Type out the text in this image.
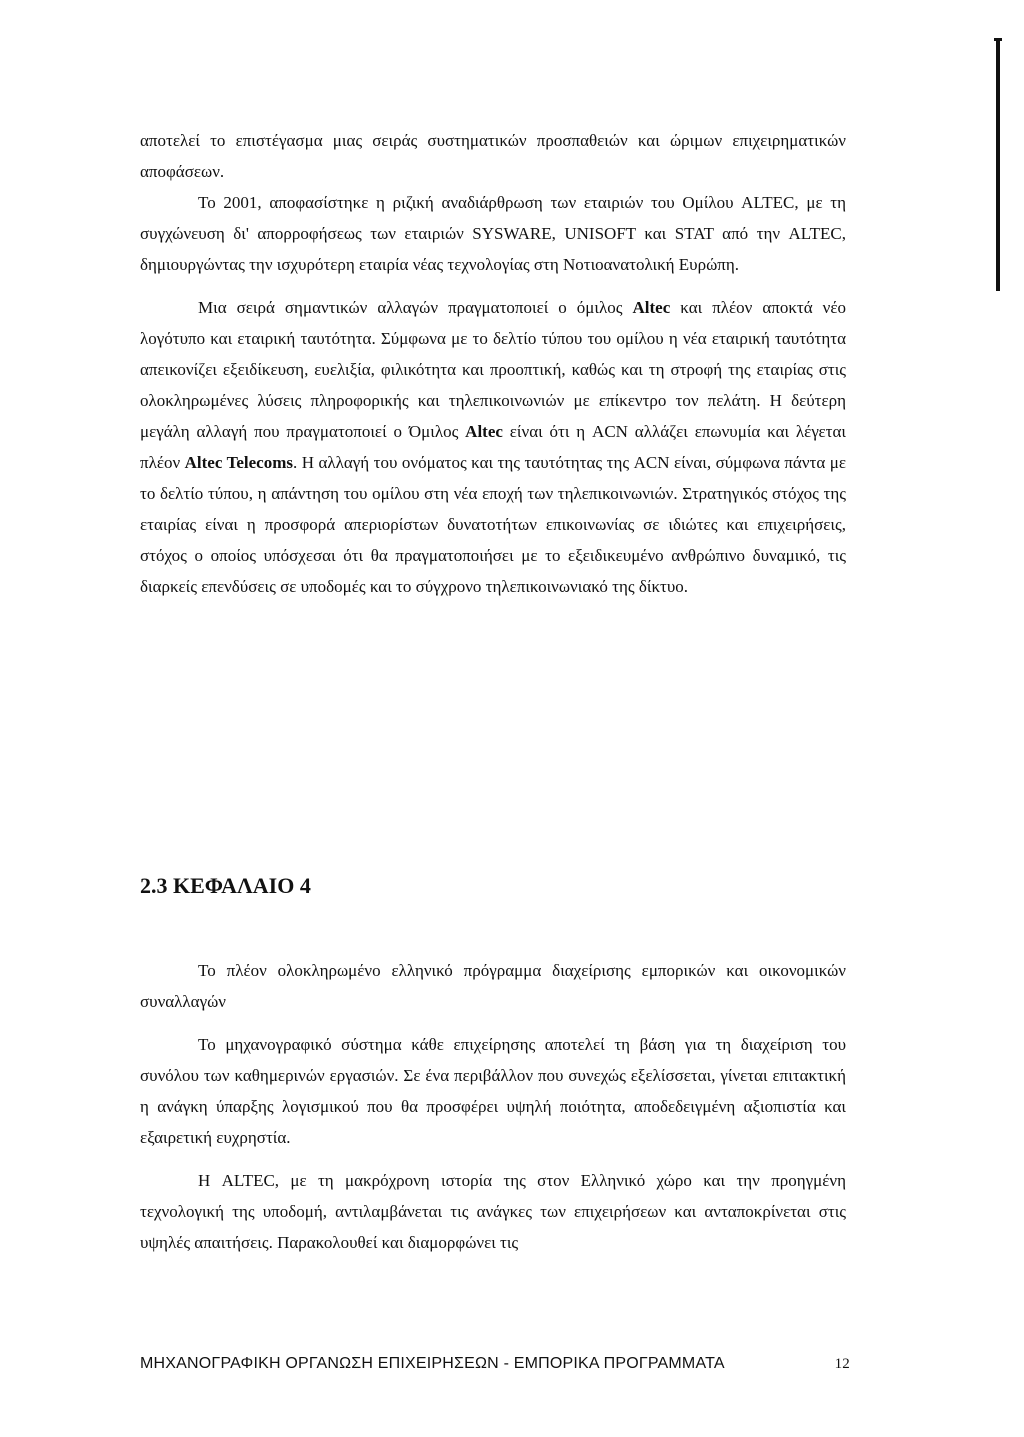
αποτελεί το επιστέγασμα μιας σειράς συστηματικών προσπαθειών και ώριμων επιχειρηματικών αποφάσεων.

Το 2001, αποφασίστηκε η ριζική αναδιάρθρωση των εταιριών του Ομίλου ALTEC, με τη συγχώνευση δι' απορροφήσεως των εταιριών SYSWARE, UNISOFT και STAT από την ALTEC, δημιουργώντας την ισχυρότερη εταιρία νέας τεχνολογίας στη Νοτιοανατολική Ευρώπη.

Μια σειρά σημαντικών αλλαγών πραγματοποιεί ο όμιλος Altec και πλέον αποκτά νέο λογότυπο και εταιρική ταυτότητα. Σύμφωνα με το δελτίο τύπου του ομίλου η νέα εταιρική ταυτότητα απεικονίζει εξειδίκευση, ευελιξία, φιλικότητα και προοπτική, καθώς και τη στροφή της εταιρίας στις ολοκληρωμένες λύσεις πληροφορικής και τηλεπικοινωνιών με επίκεντρο τον πελάτη. Η δεύτερη μεγάλη αλλαγή που πραγματοποιεί ο Όμιλος Altec είναι ότι η ACN αλλάζει επωνυμία και λέγεται πλέον Altec Telecoms. Η αλλαγή του ονόματος και της ταυτότητας της ACN είναι, σύμφωνα πάντα με το δελτίο τύπου, η απάντηση του ομίλου στη νέα εποχή των τηλεπικοινωνιών. Στρατηγικός στόχος της εταιρίας είναι η προσφορά απεριορίστων δυνατοτήτων επικοινωνίας σε ιδιώτες και επιχειρήσεις, στόχος ο οποίος υπόσχεσαι ότι θα πραγματοποιήσει με το εξειδικευμένο ανθρώπινο δυναμικό, τις διαρκείς επενδύσεις σε υποδομές και το σύγχρονο τηλεπικοινωνιακό της δίκτυο.

2.3 ΚΕΦΑΛΑΙΟ 4

Το πλέον ολοκληρωμένο ελληνικό πρόγραμμα διαχείρισης εμπορικών και οικονομικών συναλλαγών

Το μηχανογραφικό σύστημα κάθε επιχείρησης αποτελεί τη βάση για τη διαχείριση του συνόλου των καθημερινών εργασιών. Σε ένα περιβάλλον που συνεχώς εξελίσσεται, γίνεται επιτακτική η ανάγκη ύπαρξης λογισμικού που θα προσφέρει υψηλή ποιότητα, αποδεδειγμένη αξιοπιστία και εξαιρετική ευχρηστία.

Η ALTEC, με τη μακρόχρονη ιστορία της στον Ελληνικό χώρο και την προηγμένη τεχνολογική της υποδομή, αντιλαμβάνεται τις ανάγκες των επιχειρήσεων και ανταποκρίνεται στις υψηλές απαιτήσεις. Παρακολουθεί και διαμορφώνει τις

ΜΗΧΑΝΟΓΡΑΦΙΚΗ ΟΡΓΑΝΩΣΗ ΕΠΙΧΕΙΡΗΣΕΩΝ - ΕΜΠΟΡΙΚΑ ΠΡΟΓΡΑΜΜΑΤΑ	12
